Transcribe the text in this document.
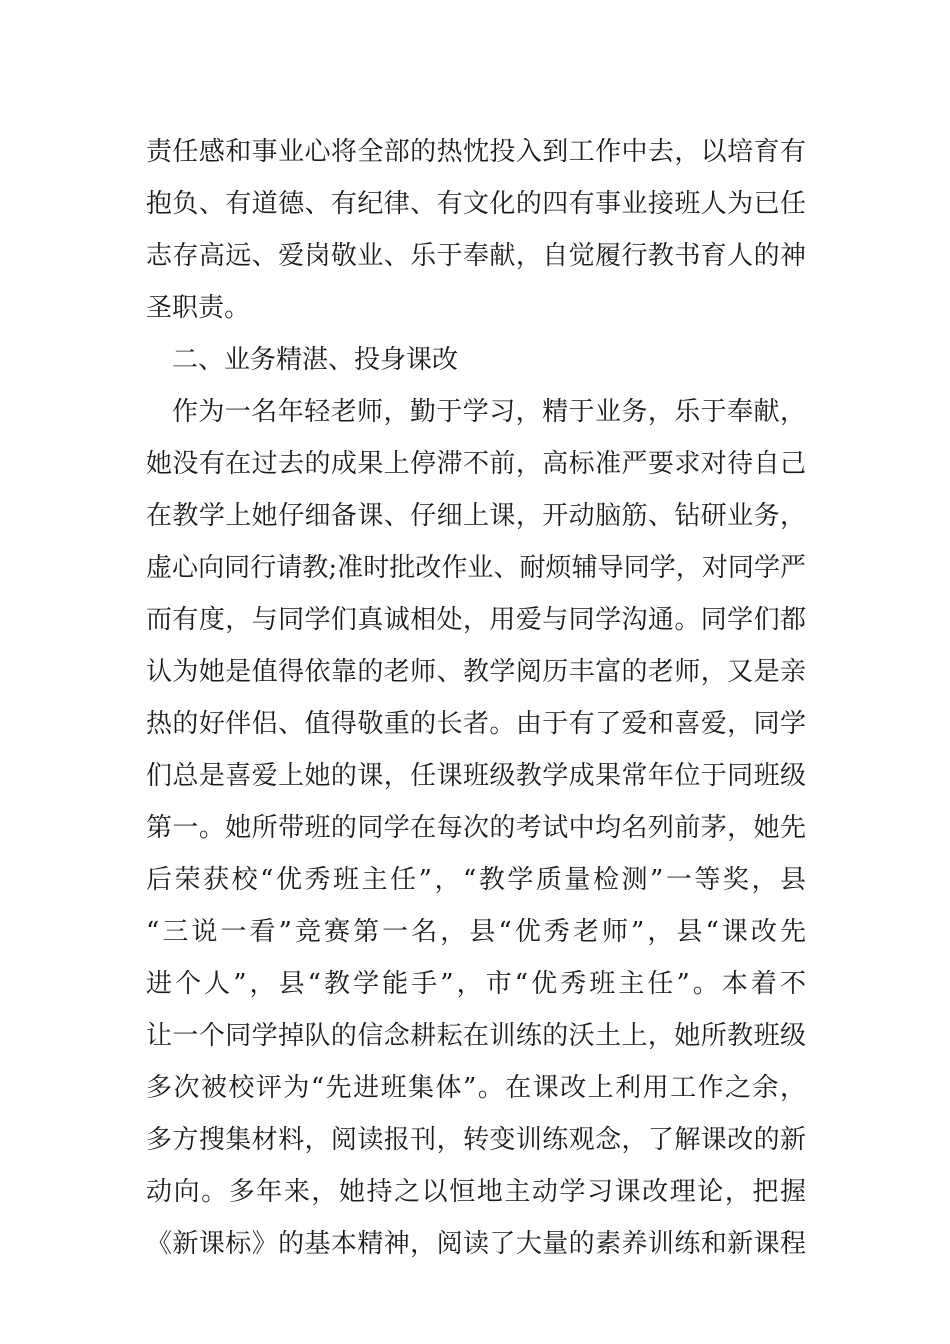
责任感和事业心将全部的热忱投入到工作中去，以培育有
抱负、有道德、有纪律、有文化的四有事业接班人为已任
志存高远、爱岗敬业、乐于奉献，自觉履行教书育人的神
圣职责。
二、业务精湛、投身课改
作为一名年轻老师，勤于学习，精于业务，乐于奉献，
她没有在过去的成果上停滞不前，高标准严要求对待自己
在教学上她仔细备课、仔细上课，开动脑筋、钻研业务，
虚心向同行请教;准时批改作业、耐烦辅导同学，对同学严
而有度，与同学们真诚相处，用爱与同学沟通。同学们都
认为她是值得依靠的老师、教学阅历丰富的老师，又是亲
热的好伴侣、值得敬重的长者。由于有了爱和喜爱，同学
们总是喜爱上她的课，任课班级教学成果常年位于同班级
第一。她所带班的同学在每次的考试中均名列前茅，她先
后荣获校“优秀班主任”，“教学质量检测”一等奖，县
“三说一看”竞赛第一名，县“优秀老师”，县“课改先
进个人”，县“教学能手”，市“优秀班主任”。本着不
让一个同学掉队的信念耕耘在训练的沃土上，她所教班级
多次被校评为“先进班集体”。在课改上利用工作之余，
多方搜集材料，阅读报刊，转变训练观念，了解课改的新
动向。多年来，她持之以恒地主动学习课改理论，把握
《新课标》的基本精神，阅读了大量的素养训练和新课程
